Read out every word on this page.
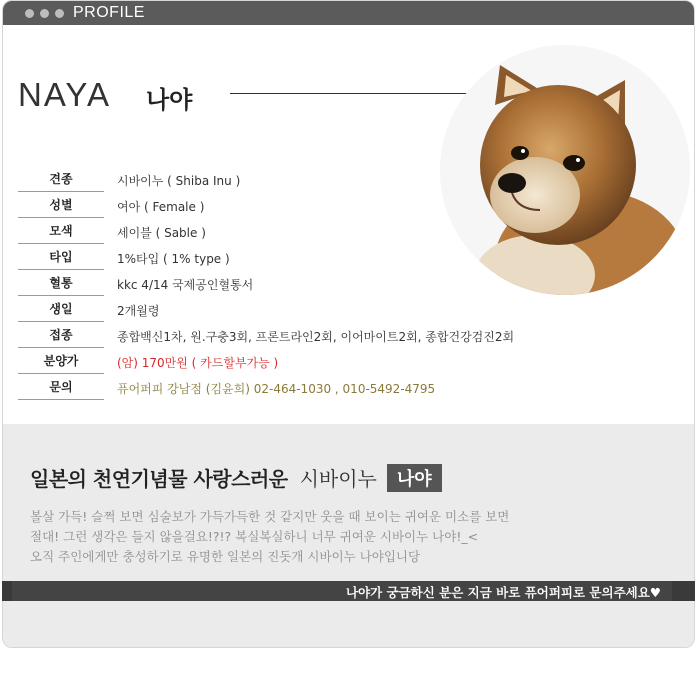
PROFILE
NAYA 나야
견종	시바이누 ( Shiba Inu )
성별	여아 ( Female )
모색	세이블 ( Sable )
타입	1%타입 ( 1% type )
혈통	kkc 4/14 국제공인혈통서
생일	2개월령
접종	종합백신1차, 원.구충3회, 프론트라인2회, 이어마이트2회, 종합건강검진2회
분양가	(암) 170만원 ( 카드할부가능 )
문의	퓨어퍼피 강남점 (김윤희) 02-464-1030 , 010-5492-4795
일본의 천연기념물 사랑스러운 시바이누	나야
볼살 가득! 슬쩍 보면 심술보가 가득가득한 것 같지만 웃을 때 보이는 귀여운 미소를 보면
절대! 그런 생각은 들지 않을걸요!?!? 복실복실하니 너무 귀여운 시바이누 나야!_<
오직 주인에게만 충성하기로 유명한 일본의 진돗개 시바이누 나야입니당
나야가 궁금하신 분은 지금 바로 퓨어퍼피로 문의주세요♥
